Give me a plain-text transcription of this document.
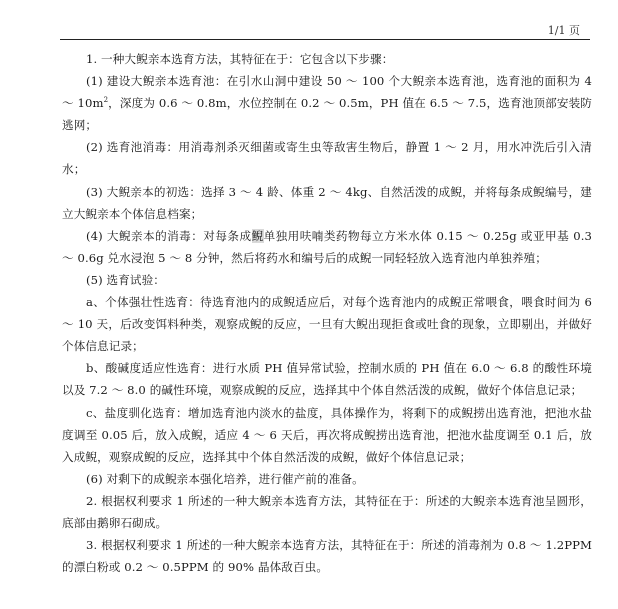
1/1 页

1. 一种大鲵亲本选育方法，其特征在于：它包含以下步骤：

(1) 建设大鲵亲本选育池：在引水山洞中建设 50 ～ 100 个大鲵亲本选育池，选育池的面积为 4 ～ $10m^2$，深度为 0.6 ～ 0.8m，水位控制在 0.2 ～ 0.5m，PH 值在 6.5 ～ 7.5，选育池顶部安装防逃网；

(2) 选育池消毒：用消毒剂杀灭细菌或寄生虫等敌害生物后，静置 1 ～ 2 月，用水冲洗后引入清水；

(3) 大鲵亲本的初选：选择 3 ～ 4 龄、体重 2 ～ 4kg、自然活泼的成鲵，并将每条成鲵编号，建立大鲵亲本个体信息档案；

(4) 大鲵亲本的消毒：对每条成鲵单独用呋喃类药物每立方米水体 0.15 ～ 0.25g 或亚甲基 0.3 ～ 0.6g 兑水浸泡 5 ～ 8 分钟，然后将药水和编号后的成鲵一同轻轻放入选育池内单独养殖；

(5) 选育试验：

a、个体强壮性选育：待选育池内的成鲵适应后，对每个选育池内的成鲵正常喂食，喂食时间为 6 ～ 10 天，后改变饵料种类，观察成鲵的反应，一旦有大鲵出现拒食或吐食的现象，立即剔出，并做好个体信息记录；

b、酸碱度适应性选育：进行水质 PH 值异常试验，控制水质的 PH 值在 6.0 ～ 6.8 的酸性环境以及 7.2 ～ 8.0 的碱性环境，观察成鲵的反应，选择其中个体自然活泼的成鲵，做好个体信息记录；

c、盐度驯化选育：增加选育池内淡水的盐度，具体操作为，将剩下的成鲵捞出选育池，把池水盐度调至 0.05 后，放入成鲵，适应 4 ～ 6 天后，再次将成鲵捞出选育池，把池水盐度调至 0.1 后，放入成鲵，观察成鲵的反应，选择其中个体自然活泼的成鲵，做好个体信息记录；

(6) 对剩下的成鲵亲本强化培养，进行催产前的准备。

2. 根据权利要求 1 所述的一种大鲵亲本选育方法，其特征在于：所述的大鲵亲本选育池呈圆形，底部由鹅卵石砌成。

3. 根据权利要求 1 所述的一种大鲵亲本选育方法，其特征在于：所述的消毒剂为 0.8 ～ 1.2PPM 的漂白粉或 0.2 ～ 0.5PPM 的 90% 晶体敌百虫。
